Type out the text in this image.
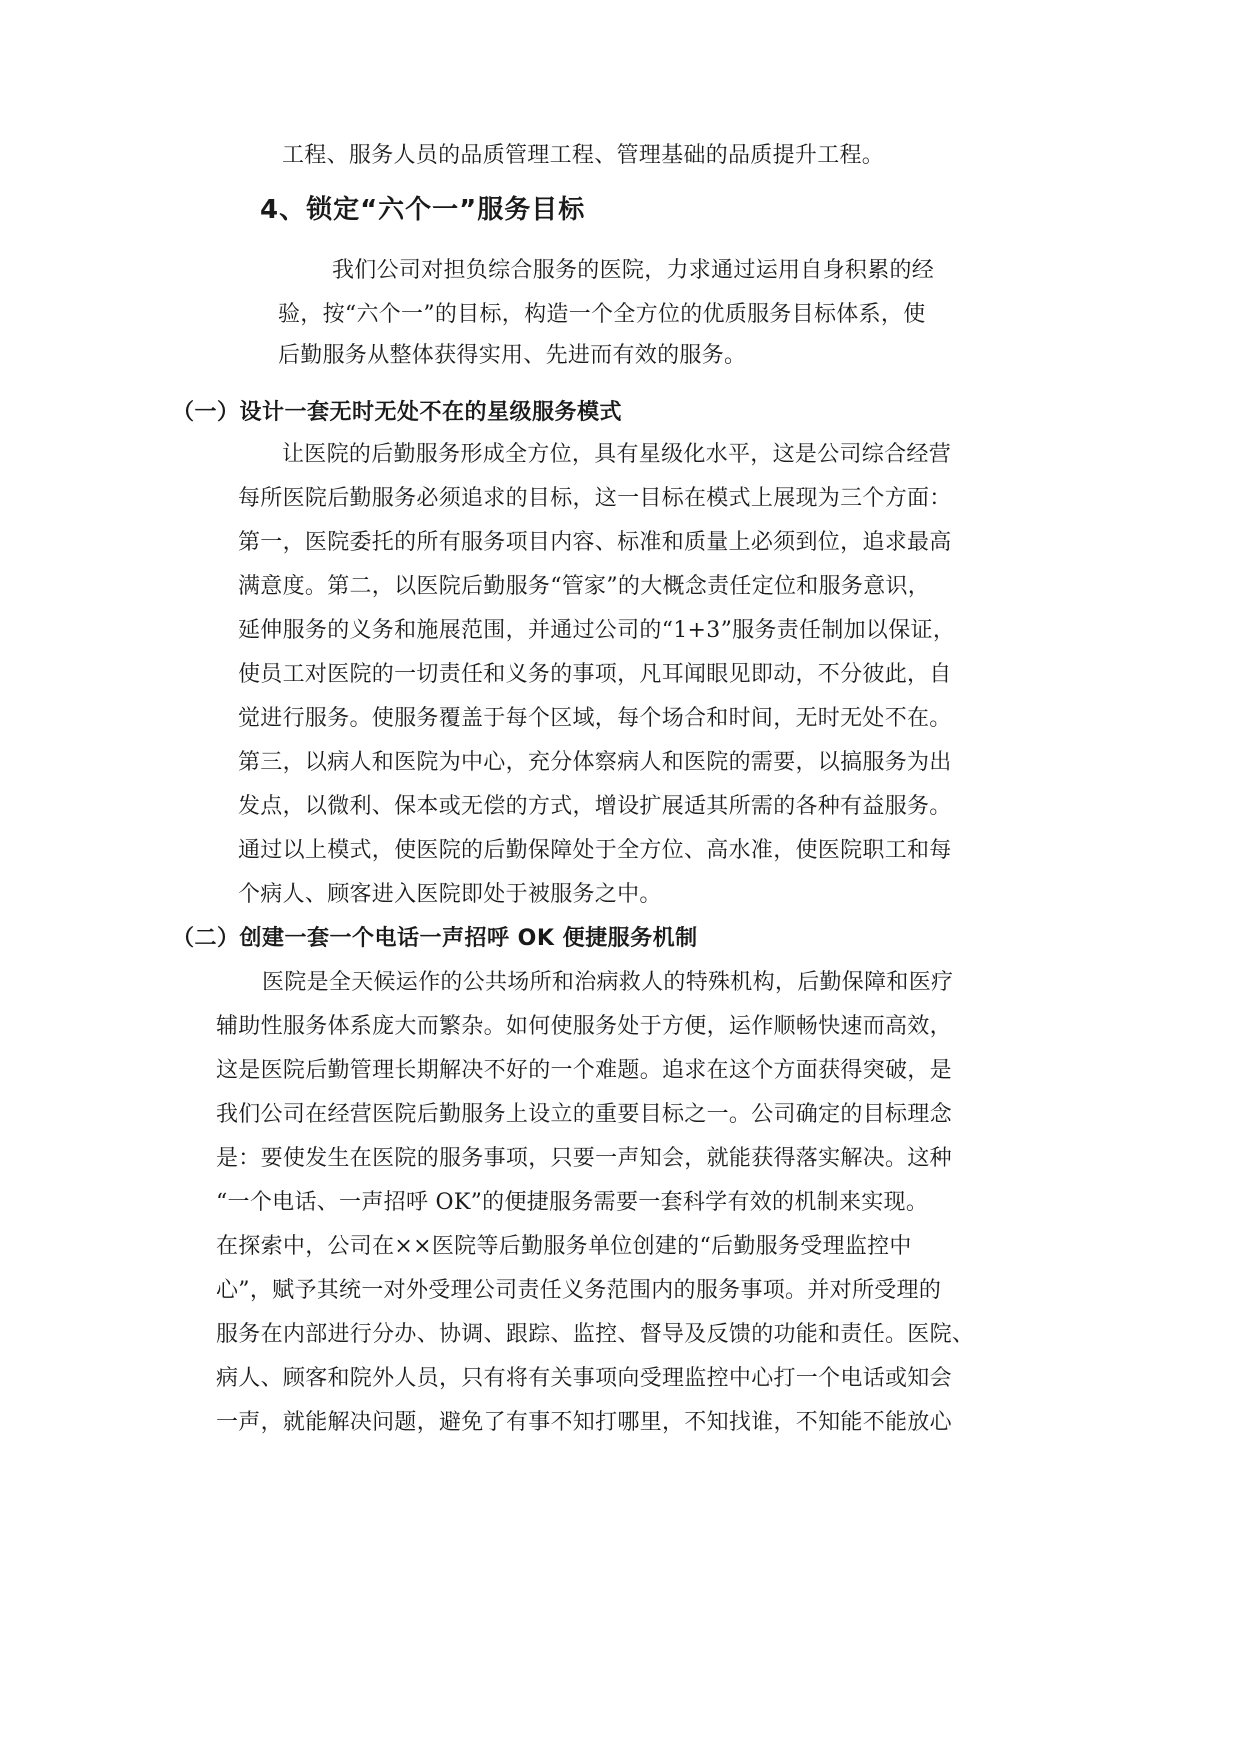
工程、服务人员的品质管理工程、管理基础的品质提升工程。
4、锁定“六个一”服务目标
我们公司对担负综合服务的医院，力求通过运用自身积累的经
验，按“六个一”的目标，构造一个全方位的优质服务目标体系，使
后勤服务从整体获得实用、先进而有效的服务。
（一）设计一套无时无处不在的星级服务模式
让医院的后勤服务形成全方位，具有星级化水平，这是公司综合经营
每所医院后勤服务必须追求的目标，这一目标在模式上展现为三个方面：
第一，医院委托的所有服务项目内容、标准和质量上必须到位，追求最高
满意度。第二，以医院后勤服务“管家”的大概念责任定位和服务意识，
延伸服务的义务和施展范围，并通过公司的“1+3”服务责任制加以保证，
使员工对医院的一切责任和义务的事项，凡耳闻眼见即动，不分彼此，自
觉进行服务。使服务覆盖于每个区域，每个场合和时间，无时无处不在。
第三，以病人和医院为中心，充分体察病人和医院的需要，以搞服务为出
发点，以微利、保本或无偿的方式，增设扩展适其所需的各种有益服务。
通过以上模式，使医院的后勤保障处于全方位、高水准，使医院职工和每
个病人、顾客进入医院即处于被服务之中。
（二）创建一套一个电话一声招呼 OK 便捷服务机制
医院是全天候运作的公共场所和治病救人的特殊机构，后勤保障和医疗
辅助性服务体系庞大而繁杂。如何使服务处于方便，运作顺畅快速而高效，
这是医院后勤管理长期解决不好的一个难题。追求在这个方面获得突破，是
我们公司在经营医院后勤服务上设立的重要目标之一。公司确定的目标理念
是：要使发生在医院的服务事项，只要一声知会，就能获得落实解决。这种
“一个电话、一声招呼 OK”的便捷服务需要一套科学有效的机制来实现。
在探索中，公司在××医院等后勤服务单位创建的“后勤服务受理监控中
心”，赋予其统一对外受理公司责任义务范围内的服务事项。并对所受理的
服务在内部进行分办、协调、跟踪、监控、督导及反馈的功能和责任。医院、
病人、顾客和院外人员，只有将有关事项向受理监控中心打一个电话或知会
一声，就能解决问题，避免了有事不知打哪里，不知找谁，不知能不能放心
